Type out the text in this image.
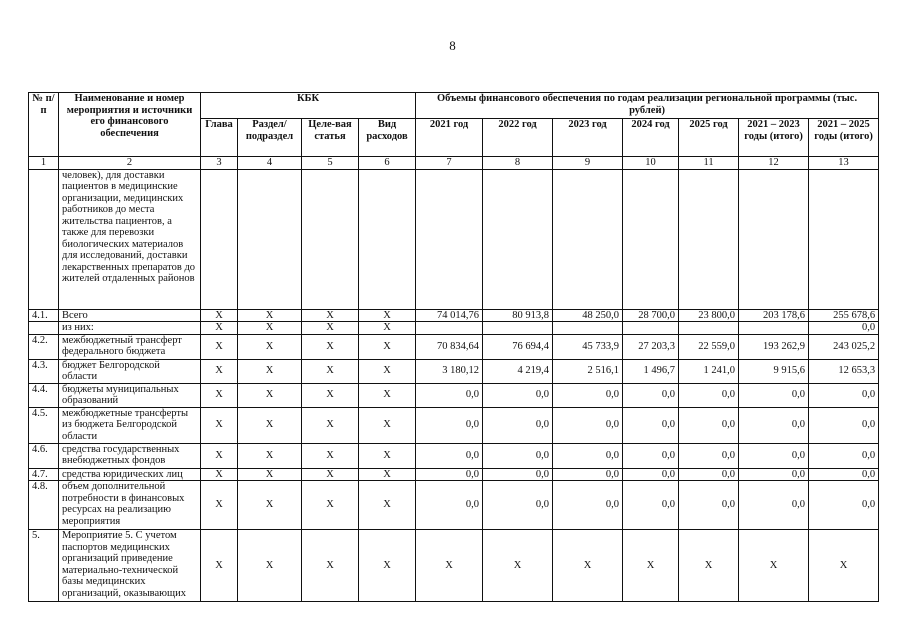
8
№ п/п	Наименование и номер мероприятия и источники его финансового обеспечения	КБК				Объемы финансового обеспечения по годам реализации региональной программы (тыс. рублей)						
		Глава	Раздел/ подраздел	Целе-вая статья	Вид расходов	2021 год	2022 год	2023 год	2024 год	2025 год	2021 – 2023 годы (итого)	2021 – 2025 годы (итого)
1	2	3	4	5	6	7	8	9	10	11	12	13
	человек), для доставки пациентов в медицинские организации, медицинских работников до места жительства пациентов, а также для перевозки биологических материалов для исследований, доставки лекарственных препаратов до жителей отдаленных районов											
4.1.	Всего	X	X	X	X	74 014,76	80 913,8	48 250,0	28 700,0	23 800,0	203 178,6	255 678,6
	из них:	X	X	X	X							0,0
4.2.	межбюджетный трансферт федерального бюджета	X	X	X	X	70 834,64	76 694,4	45 733,9	27 203,3	22 559,0	193 262,9	243 025,2
4.3.	бюджет Белгородской области	X	X	X	X	3 180,12	4 219,4	2 516,1	1 496,7	1 241,0	9 915,6	12 653,3
4.4.	бюджеты муниципальных образований	X	X	X	X	0,0	0,0	0,0	0,0	0,0	0,0	0,0
4.5.	межбюджетные трансферты из бюджета Белгородской области	X	X	X	X	0,0	0,0	0,0	0,0	0,0	0,0	0,0
4.6.	средства государственных внебюджетных фондов	X	X	X	X	0,0	0,0	0,0	0,0	0,0	0,0	0,0
4.7.	средства юридических лиц	X	X	X	X	0,0	0,0	0,0	0,0	0,0	0,0	0,0
4.8.	объем дополнительной потребности в финансовых ресурсах на реализацию мероприятия	X	X	X	X	0,0	0,0	0,0	0,0	0,0	0,0	0,0
5.	Мероприятие 5. С учетом паспортов медицинских организаций приведение материально-технической базы медицинских организаций, оказывающих	X	X	X	X	X	X	X	X	X	X	X
